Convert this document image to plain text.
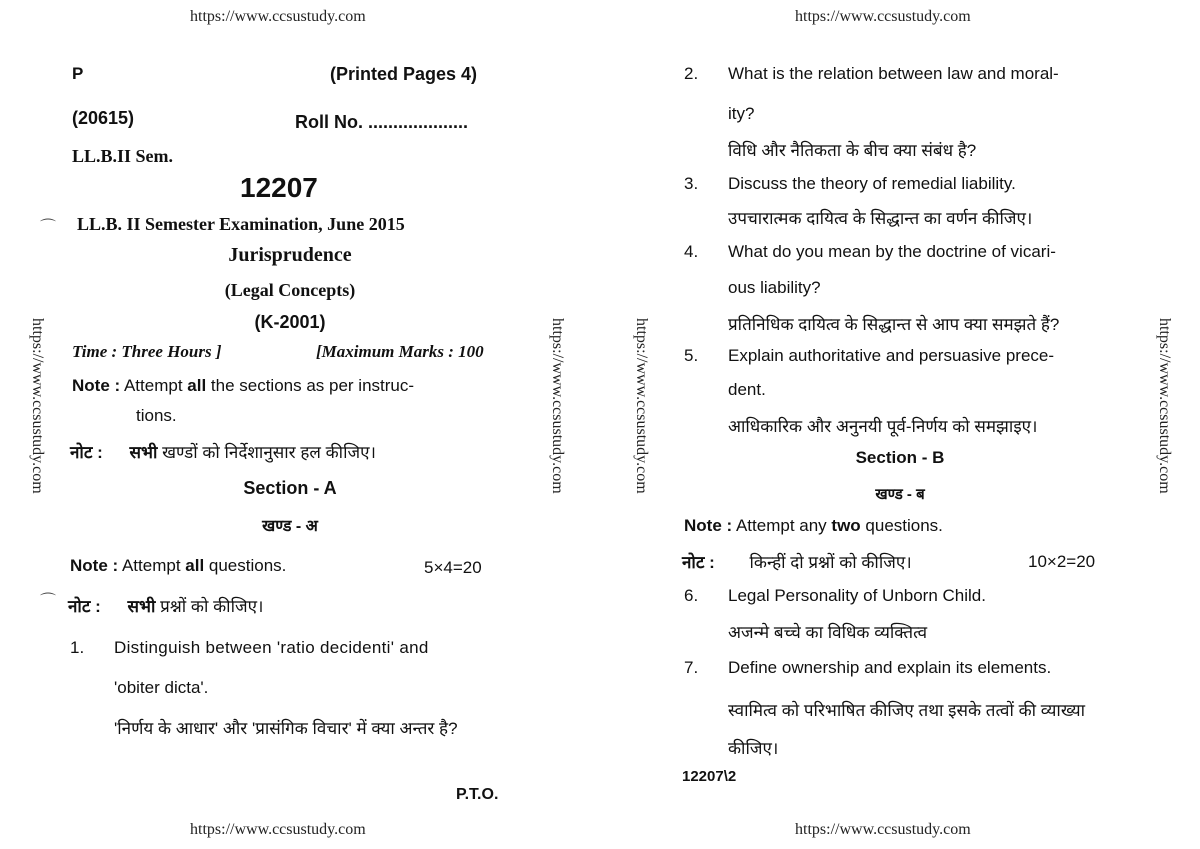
https://www.ccsustudy.com	https://www.ccsustudy.com
https://www.ccsustudy.com	https://www.ccsustudy.com
https://www.ccsustudy.com	https://www.ccsustudy.com	https://www.ccsustudy.com	https://www.ccsustudy.com
⌒
⌒
P	(Printed Pages 4)
(20615)	Roll No. ....................
LL.B.II Sem.
12207
LL.B. II Semester Examination, June 2015
Jurisprudence
(Legal Concepts)
(K-2001)
Time : Three Hours ]	[Maximum Marks : 100
Note : Attempt all the sections as per instruc-
tions.
नोट : सभी खण्डों को निर्देशानुसार हल कीजिए।
Section - A
खण्ड - अ
Note : Attempt all questions.	5×4=20
नोट : सभी प्रश्नों को कीजिए।
1. Distinguish between 'ratio decidenti' and
'obiter dicta'.
'निर्णय के आधार' और 'प्रासंगिक विचार' में क्या अन्तर है?
P.T.O.
2. What is the relation between law and moral-
ity?
विधि और नैतिकता के बीच क्या संबंध है?
3. Discuss the theory of remedial liability.
उपचारात्मक दायित्व के सिद्धान्त का वर्णन कीजिए।
4. What do you mean by the doctrine of vicari-
ous liability?
प्रतिनिधिक दायित्व के सिद्धान्त से आप क्या समझते हैं?
5. Explain authoritative and persuasive prece-
dent.
आधिकारिक और अनुनयी पूर्व-निर्णय को समझाइए।
Section - B
खण्ड - ब
Note : Attempt any two questions.
नोट : किन्हीं दो प्रश्नों को कीजिए।	10×2=20
6. Legal Personality of Unborn Child.
अजन्मे बच्चे का विधिक व्यक्तित्व
7. Define ownership and explain its elements.
स्वामित्व को परिभाषित कीजिए तथा इसके तत्वों की व्याख्या
कीजिए।
12207\2
